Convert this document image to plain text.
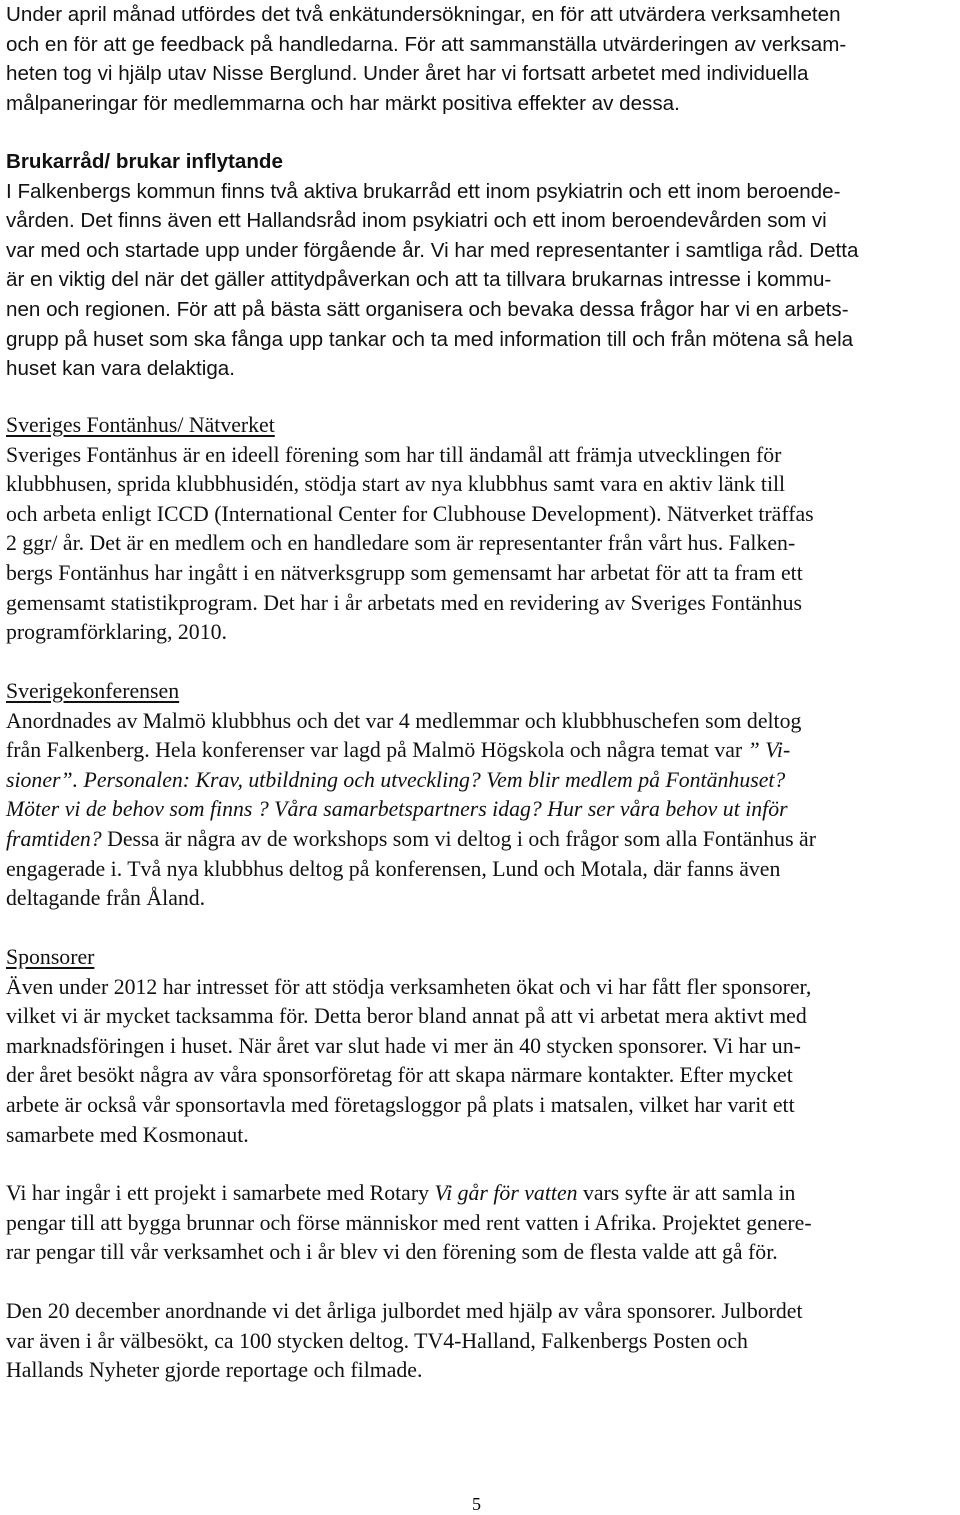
Under april månad utfördes det två enkätundersökningar, en för att utvärdera verksamheten
och en för att ge feedback på handledarna. För att sammanställa utvärderingen av verksam-
heten tog vi hjälp utav Nisse Berglund. Under året har vi fortsatt arbetet med individuella
målpaneringar för medlemmarna och har märkt positiva effekter av dessa.
Brukarråd/ brukar inflytande
I Falkenbergs kommun finns två aktiva brukarråd ett inom psykiatrin och ett inom beroende-
vården. Det finns även ett Hallandsråd inom psykiatri och ett inom beroendevården som vi
var med och startade upp under förgående år. Vi har med representanter i samtliga råd. Detta
är en viktig del när det gäller attitydpåverkan och att ta tillvara brukarnas intresse i kommu-
nen och regionen. För att på bästa sätt organisera och bevaka dessa frågor har vi en arbets-
grupp på huset som ska fånga upp tankar och ta med information till och från mötena så hela
huset kan vara delaktiga.
Sveriges Fontänhus/ Nätverket
Sveriges Fontänhus är en ideell förening som har till ändamål att främja utvecklingen för
klubbhusen, sprida klubbhusidén, stödja start av nya klubbhus samt vara en aktiv länk till
och arbeta enligt ICCD (International Center for Clubhouse Development). Nätverket träffas
2 ggr/ år. Det är en medlem och en handledare som är representanter från vårt hus. Falken-
bergs Fontänhus har ingått i en nätverksgrupp som gemensamt har arbetat för att ta fram ett
gemensamt statistikprogram. Det har i år arbetats med en revidering av Sveriges Fontänhus
programförklaring, 2010.
Sverigekonferensen
Anordnades av Malmö klubbhus och det var 4 medlemmar och klubbhuschefen som deltog
från Falkenberg. Hela konferenser var lagd på Malmö Högskola och några temat var ” Vi-
sioner”. Personalen: Krav, utbildning och utveckling? Vem blir medlem på Fontänhuset?
Möter vi de behov som finns ? Våra samarbetspartners idag? Hur ser våra behov ut inför
framtiden? Dessa är några av de workshops som vi deltog i och frågor som alla Fontänhus är
engagerade i. Två nya klubbhus deltog på konferensen, Lund och Motala, där fanns även
deltagande från Åland.
Sponsorer
Även under 2012 har intresset för att stödja verksamheten ökat och vi har fått fler sponsorer,
vilket vi är mycket tacksamma för. Detta beror bland annat på att vi arbetat mera aktivt med
marknadsföringen i huset. När året var slut hade vi mer än 40 stycken sponsorer. Vi har un-
der året besökt några av våra sponsorföretag för att skapa närmare kontakter. Efter mycket
arbete är också vår sponsortavla med företagsloggor på plats i matsalen, vilket har varit ett
samarbete med Kosmonaut.
Vi har ingår i ett projekt i samarbete med Rotary Vi går för vatten vars syfte är att samla in
pengar till att bygga brunnar och förse människor med rent vatten i Afrika. Projektet genere-
rar pengar till vår verksamhet och i år blev vi den förening som de flesta valde att gå för.
Den 20 december anordnande vi det årliga julbordet med hjälp av våra sponsorer. Julbordet
var även i år välbesökt, ca 100 stycken deltog. TV4-Halland, Falkenbergs Posten och
Hallands Nyheter gjorde reportage och filmade.
5
